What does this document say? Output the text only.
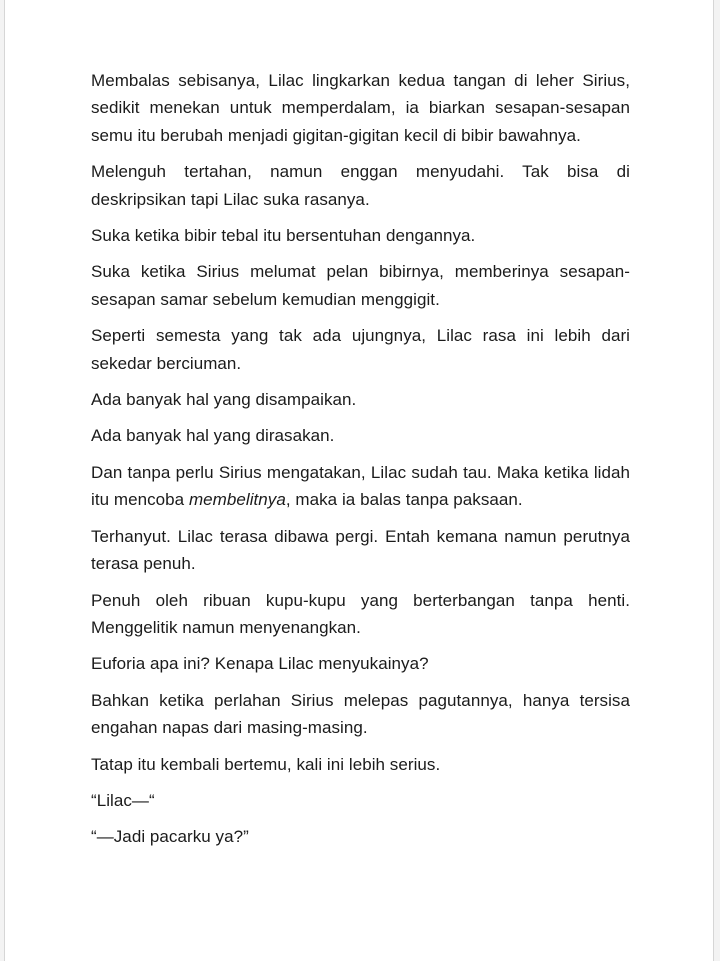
Membalas sebisanya, Lilac lingkarkan kedua tangan di leher Sirius, sedikit menekan untuk memperdalam, ia biarkan sesapan-sesapan semu itu berubah menjadi gigitan-gigitan kecil di bibir bawahnya.

Melenguh tertahan, namun enggan menyudahi. Tak bisa di deskripsikan tapi Lilac suka rasanya.

Suka ketika bibir tebal itu bersentuhan dengannya.

Suka ketika Sirius melumat pelan bibirnya, memberinya sesapan-sesapan samar sebelum kemudian menggigit.

Seperti semesta yang tak ada ujungnya, Lilac rasa ini lebih dari sekedar berciuman.

Ada banyak hal yang disampaikan.

Ada banyak hal yang dirasakan.

Dan tanpa perlu Sirius mengatakan, Lilac sudah tau. Maka ketika lidah itu mencoba membelitnya, maka ia balas tanpa paksaan.

Terhanyut. Lilac terasa dibawa pergi. Entah kemana namun perutnya terasa penuh.

Penuh oleh ribuan kupu-kupu yang berterbangan tanpa henti. Menggelitik namun menyenangkan.

Euforia apa ini? Kenapa Lilac menyukainya?

Bahkan ketika perlahan Sirius melepas pagutannya, hanya tersisa engahan napas dari masing-masing.

Tatap itu kembali bertemu, kali ini lebih serius.

“Lilac—“

“—Jadi pacarku ya?”
